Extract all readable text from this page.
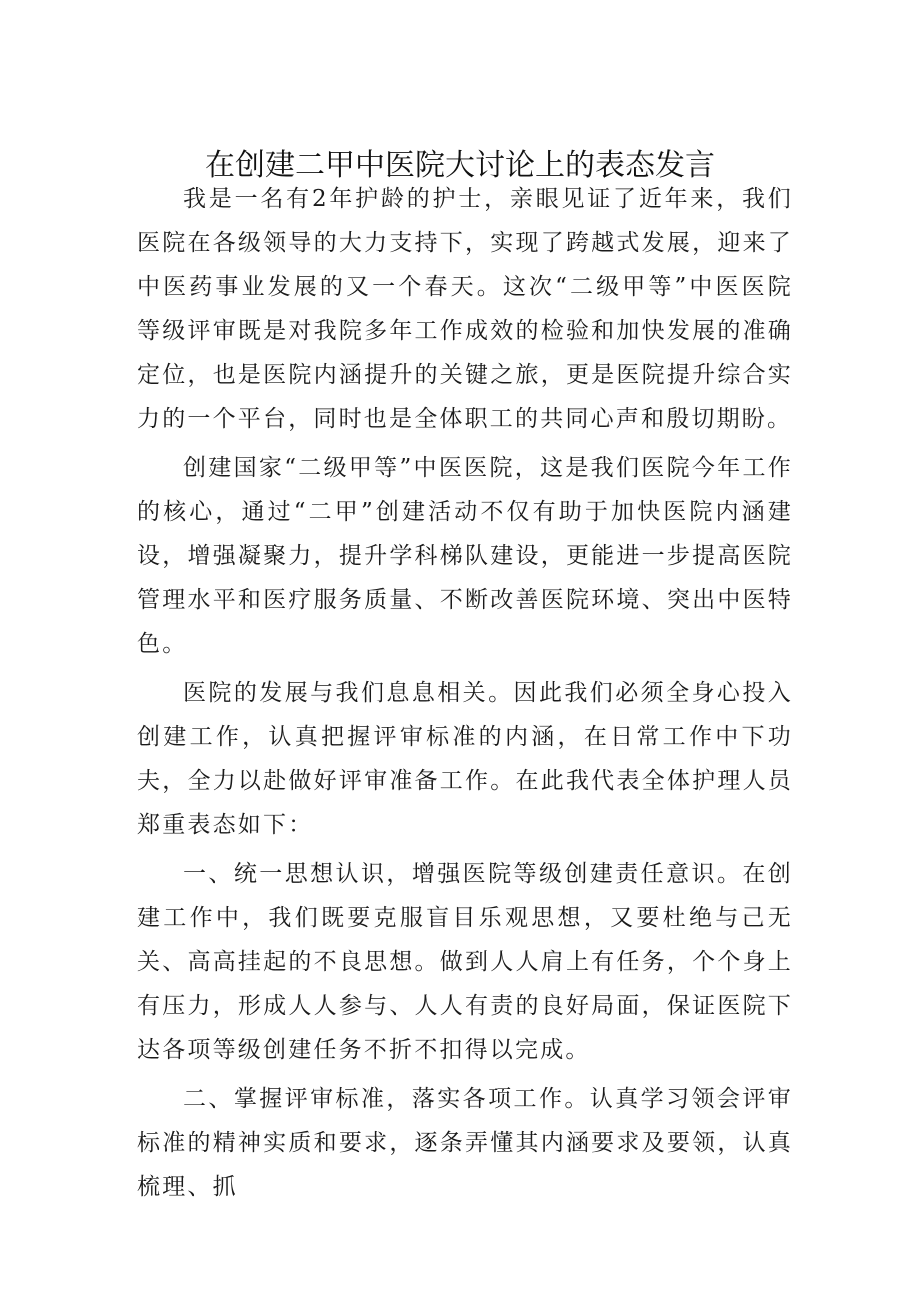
在创建二甲中医院大讨论上的表态发言

我是一名有2年护龄的护士，亲眼见证了近年来，我们医院在各级领导的大力支持下，实现了跨越式发展，迎来了中医药事业发展的又一个春天。这次“二级甲等”中医医院等级评审既是对我院多年工作成效的检验和加快发展的准确定位，也是医院内涵提升的关键之旅，更是医院提升综合实力的一个平台，同时也是全体职工的共同心声和殷切期盼。

创建国家“二级甲等”中医医院，这是我们医院今年工作的核心，通过“二甲”创建活动不仅有助于加快医院内涵建设，增强凝聚力，提升学科梯队建设，更能进一步提高医院管理水平和医疗服务质量、不断改善医院环境、突出中医特色。

医院的发展与我们息息相关。因此我们必须全身心投入创建工作，认真把握评审标准的内涵，在日常工作中下功夫，全力以赴做好评审准备工作。在此我代表全体护理人员郑重表态如下：

一、统一思想认识，增强医院等级创建责任意识。在创建工作中，我们既要克服盲目乐观思想，又要杜绝与己无关、高高挂起的不良思想。做到人人肩上有任务，个个身上有压力，形成人人参与、人人有责的良好局面，保证医院下达各项等级创建任务不折不扣得以完成。

二、掌握评审标准，落实各项工作。认真学习领会评审标准的精神实质和要求，逐条弄懂其内涵要求及要领，认真梳理、抓
